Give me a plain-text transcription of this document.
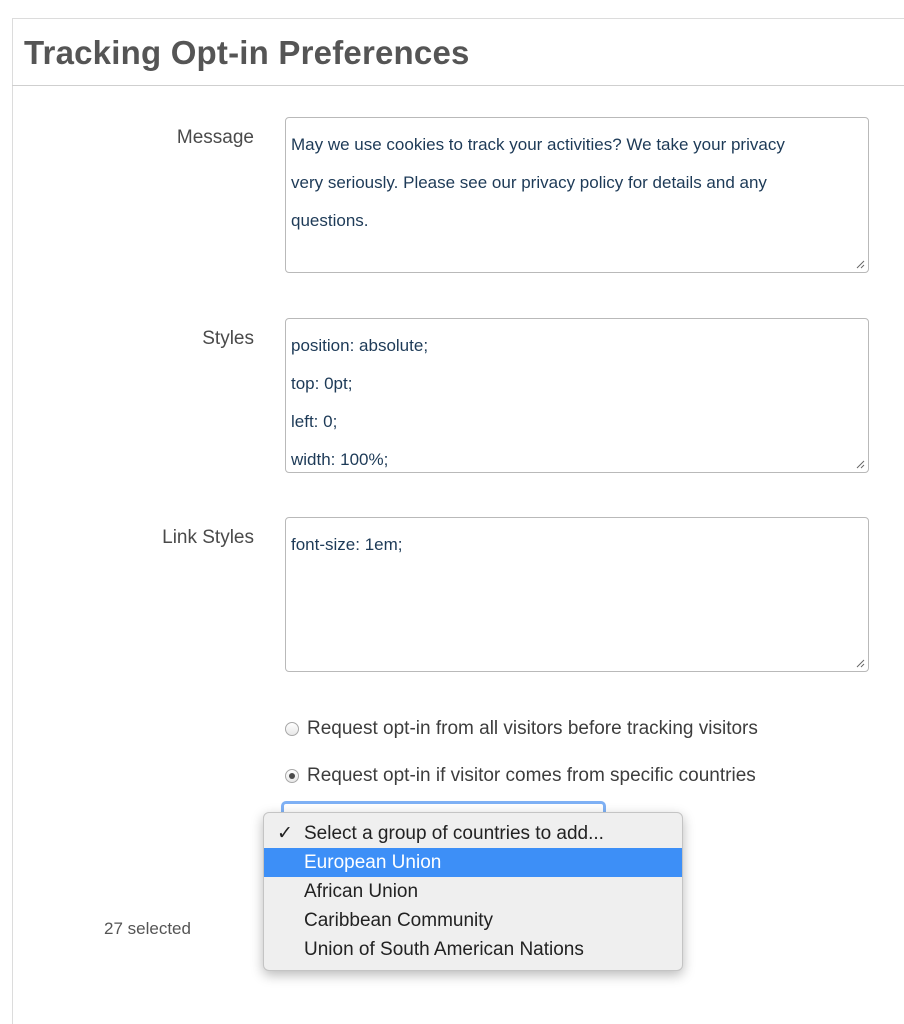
Tracking Opt-in Preferences
Message May we use cookies to track your activities? We take your privacy
very seriously. Please see our privacy policy for details and any
questions.
Styles position: absolute;
top: 0pt;
left: 0;
width: 100%;
Link Styles font-size: 1em;
Request opt-in from all visitors before tracking visitors
Request opt-in if visitor comes from specific countries
27 selected
✓ Select a group of countries to add...
European Union
African Union
Caribbean Community
Union of South American Nations
